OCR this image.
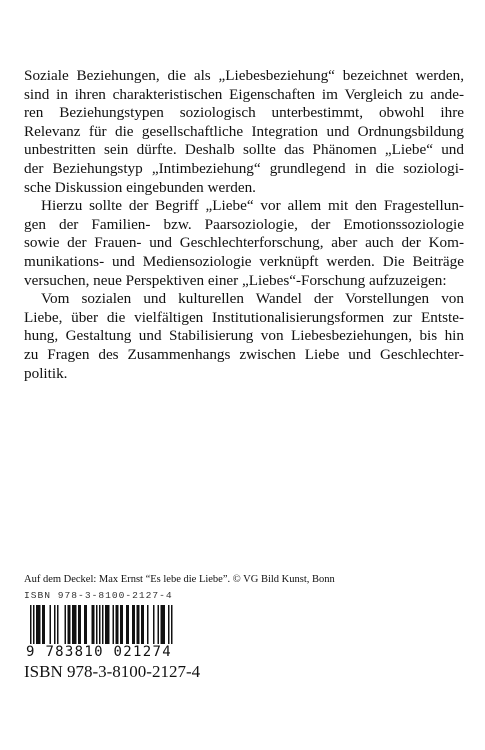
Soziale Beziehungen, die als „Liebesbeziehung“ bezeichnet werden,
sind in ihren charakteristischen Eigenschaften im Vergleich zu ande-
ren Beziehungstypen soziologisch unterbestimmt, obwohl ihre
Relevanz für die gesellschaftliche Integration und Ordnungsbildung
unbestritten sein dürfte. Deshalb sollte das Phänomen „Liebe“ und
der Beziehungstyp „Intimbeziehung“ grundlegend in die soziologi-
sche Diskussion eingebunden werden.

Hierzu sollte der Begriff „Liebe“ vor allem mit den Fragestellun-
gen der Familien- bzw. Paarsoziologie, der Emotionssoziologie
sowie der Frauen- und Geschlechterforschung, aber auch der Kom-
munikations- und Mediensoziologie verknüpft werden. Die Beiträge
versuchen, neue Perspektiven einer „Liebes“-Forschung aufzuzeigen:

Vom sozialen und kulturellen Wandel der Vorstellungen von
Liebe, über die vielfältigen Institutionalisierungsformen zur Entste-
hung, Gestaltung und Stabilisierung von Liebesbeziehungen, bis hin
zu Fragen des Zusammenhangs zwischen Liebe und Geschlechter-
politik.

Auf dem Deckel: Max Ernst “Es lebe die Liebe”. © VG Bild Kunst, Bonn
ISBN 978-3-8100-2127-4
9 783810 021274
ISBN 978-3-8100-2127-4
